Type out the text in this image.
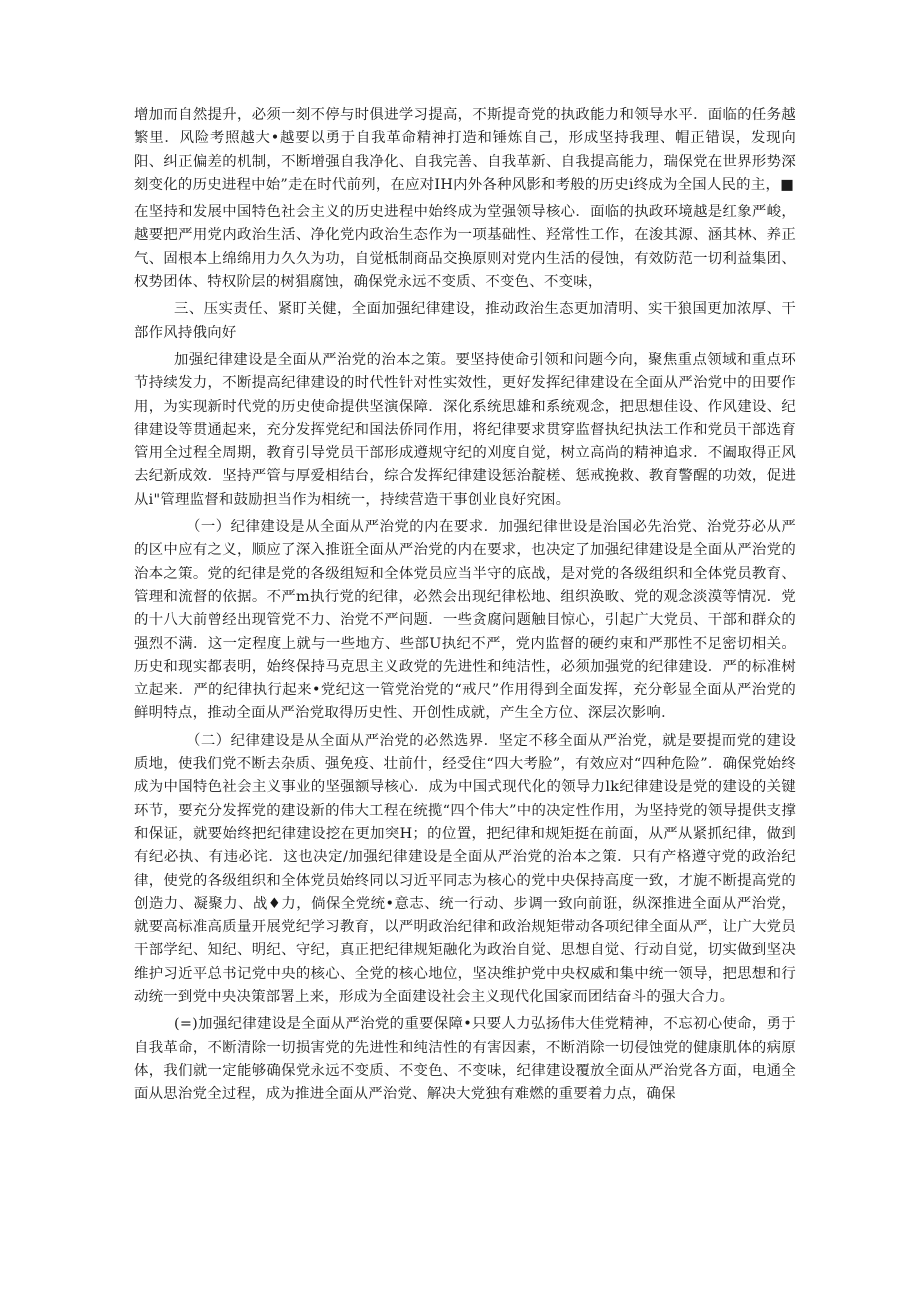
增加而自然提升，必须一刻不停与时俱进学习提高，不斯提奇党的执政能力和领导水平．面临的任务越繁里．风险考照越大•越要以勇于自我革命精神打造和锤炼自己，形成坚持我理、帽正错误，发现向阳、纠正偏差的机制，不断增强自我净化、自我完善、自我革新、自我提高能力，瑞保党在世界形势深刻变化的历史进程中始”走在时代前列，在应对IH内外各种风影和考般的历史i终成为全国人民的主，■

在坚持和发展中国特色社会主义的历史进程中始终成为堂强领导核心．面临的执政环境越是红象严峻，越要把严用党内政治生活、净化党内政治生态作为一项基础性、羟常性工作，在浚其源、涵其林、养正气、固根本上绵绵用力久久为功，自觉柢制商品交换原则对党内生活的侵蚀，有效防范一切利益集团、权势团体、特权阶层的树猖腐蚀，确保党永远不变质、不变色、不变味，

三、压实责任、紧盯关健，全面加强纪律建设，推动政治生态更加清明、实干狼国更加浓厚、干部作风持俄向好

加强纪律建设是全面从严治党的治本之策。要坚持使命引领和问题今向，聚焦重点领域和重点环节持续发力，不断提高纪律建设的时代性针对性实效性，更好发挥纪律建设在全面从严治党中的田要作用，为实现新时代党的历史使命提供坚演保障．深化系统思雄和系统观念，把思想佳设、作风建设、纪律建设等贯通起来，充分发挥党纪和国法侨同作用，将纪律要求贯穿监督执纪执法工作和党员干部选育管用全过程全周期，教育引导党员干部形成遵规守纪的刈度自觉，树立高尚的精神追求．不阖取得正风去纪新成效．坚持严管与厚爱相结台，综合发挥纪律建设惩治靛槎、惩戒挽救、教育警醒的功效，促进从i"管理监督和鼓励担当作为相统一，持续营造干事创业良好究困。

（一）纪律建设是从全面从严治党的内在要求．加强纪律世设是治国必先治党、治党芬必从严的区中应有之义，顺应了深入推诳全面从严治党的内在要求，也决定了加强纪律建设是全面从严治党的治本之策。党的纪律是党的各级组短和全体党员应当半守的底战，是对党的各级组织和全体党员教育、管理和流督的依据。不严m执行党的纪律，必然会出现纪律松地、组织涣畋、党的观念淡漠等情况．党的十八大前曾经出现管党不力、治党不严问题．一些贪腐问题触目惊心，引起广大党员、干部和群众的强烈不满．这一定程度上就与一些地方、些部U执纪不严，党内监督的硬约束和严那性不足密切相关。历史和现实都表明，始终保持马克思主义政党的先进性和纯洁性，必须加强党的纪律建设．严的标准树立起来．严的纪律执行起来•党纪这一管党治党的“戒尺”作用得到全面发挥，充分彰显全面从严治党的鲜明特点，推动全面从严治党取得历史性、开创性成就，产生全方位、深层次影响．

（二）纪律建设是从全面从严治党的必然选界．坚定不移全面从严治党，就是要提而党的建设质地，使我们党不断去杂质、强免疫、壮前什，经受住“四大考脸”，有效应对“四种危险”．确保党始终成为中国特色社会主义事业的坚强额导核心．成为中国式现代化的领导力lk纪律建设是党的建设的关键环节，要充分发挥党的建设新的伟大工程在统揽“四个伟大”中的决定性作用，为坚持党的领导提供支撑和保证，就要始终把纪律建设挖在更加突H；的位置，把纪律和规矩挺在前面，从严从紧抓纪律，做到有纪必执、有违必诧．这也决定/加强纪律建设是全面从严治党的治本之策．只有产格遵守党的政治纪律，使党的各级组织和全体党员始终同以习近平同志为核心的党中央保持高度一致，才旎不断提高党的创造力、凝聚力、战♦力，倘保全党统•意志、统一行动、步调一致向前诳，纵深推进全面从严治党，就要高标准高质量开展党纪学习教育，以严明政治纪律和政治规矩带动各项纪律全面从严，让广大党员干部学纪、知纪、明纪、守纪，真正把纪律规矩融化为政治自觉、思想自觉、行动自觉，切实做到坚决维护习近平总书记党中央的核心、全党的核心地位，坚决维护党中央权威和集中统一领导，把思想和行动统一到党中央决策部署上来，形成为全面建设社会主义现代化国家而团结奋斗的强大合力。

(=)加强纪律建设是全面从严治党的重要保障•只要人力弘扬伟大佳党精神，不忘初心使命，勇于自我革命，不断清除一切损害党的先进性和纯洁性的有害因素，不断消除一切侵蚀党的健康肌体的病原体，我们就一定能够确保党永远不变质、不变色、不变味，纪律建设覆放全面从严治党各方面，电通全面从思治党全过程，成为推进全面从严治党、解决大党独有难燃的重要着力点，确保
